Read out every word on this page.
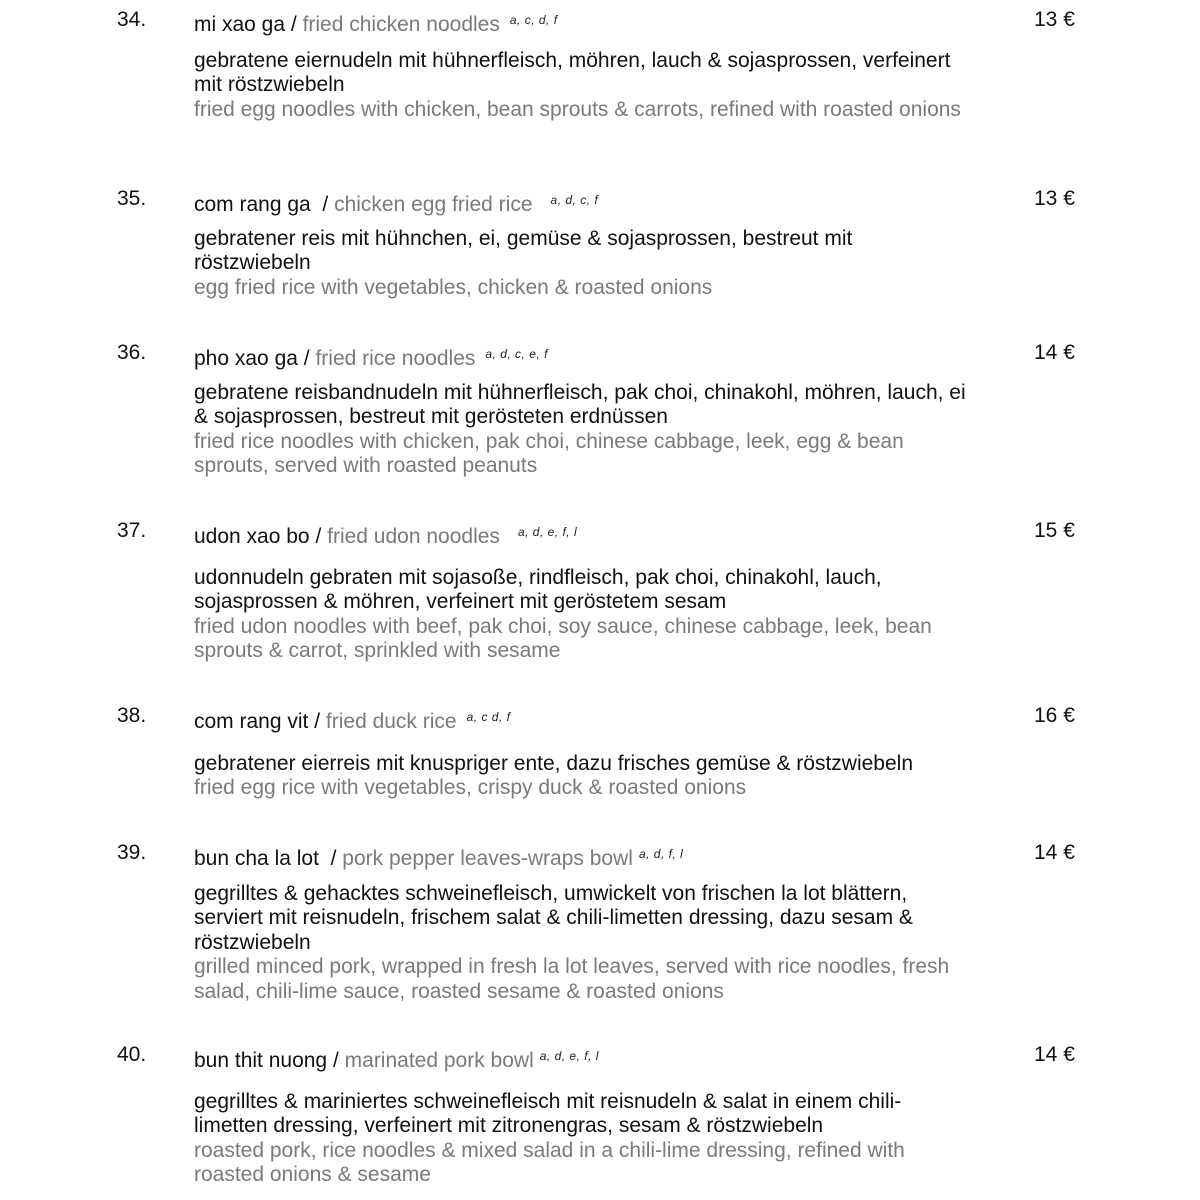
34. mi xao ga / fried chicken noodles $^{a, c, d, f}$	13 €
gebratene eiernudeln mit hühnerfleisch, möhren, lauch & sojasprossen, verfeinert mit röstzwiebeln
fried egg noodles with chicken, bean sprouts & carrots, refined with roasted onions
35. com rang ga  / chicken egg fried rice $^{a, d, c, f}$	13 €
gebratener reis mit hühnchen, ei, gemüse & sojasprossen, bestreut mit röstzwiebeln
egg fried rice with vegetables, chicken & roasted onions
36. pho xao ga / fried rice noodles $^{a, d, c, e, f}$	14 €
gebratene reisbandnudeln mit hühnerfleisch, pak choi, chinakohl, möhren, lauch, ei & sojasprossen, bestreut mit gerösteten erdnüssen
fried rice noodles with chicken, pak choi, chinese cabbage, leek, egg & bean sprouts, served with roasted peanuts
37. udon xao bo / fried udon noodles $^{a, d, e, f, l}$	15 €
udonnudeln gebraten mit sojasoße, rindfleisch, pak choi, chinakohl, lauch, sojasprossen & möhren, verfeinert mit geröstetem sesam
fried udon noodles with beef, pak choi, soy sauce, chinese cabbage, leek, bean sprouts & carrot, sprinkled with sesame
38. com rang vit / fried duck rice $^{a, c d, f}$	16 €
gebratener eierreis mit knuspriger ente, dazu frisches gemüse & röstzwiebeln
fried egg rice with vegetables, crispy duck & roasted onions
39. bun cha la lot  / pork pepper leaves-wraps bowl $^{a, d, f, l}$	14 €
gegrilltes & gehacktes schweinefleisch, umwickelt von frischen la lot blättern, serviert mit reisnudeln, frischem salat & chili-limetten dressing, dazu sesam & röstzwiebeln
grilled minced pork, wrapped in fresh la lot leaves, served with rice noodles, fresh salad, chili-lime sauce, roasted sesame & roasted onions
40. bun thit nuong / marinated pork bowl $^{a, d, e, f, l}$	14 €
gegrilltes & mariniertes schweinefleisch mit reisnudeln & salat in einem chili-limetten dressing, verfeinert mit zitronengras, sesam & röstzwiebeln
roasted pork, rice noodles & mixed salad in a chili-lime dressing, refined with roasted onions & sesame
